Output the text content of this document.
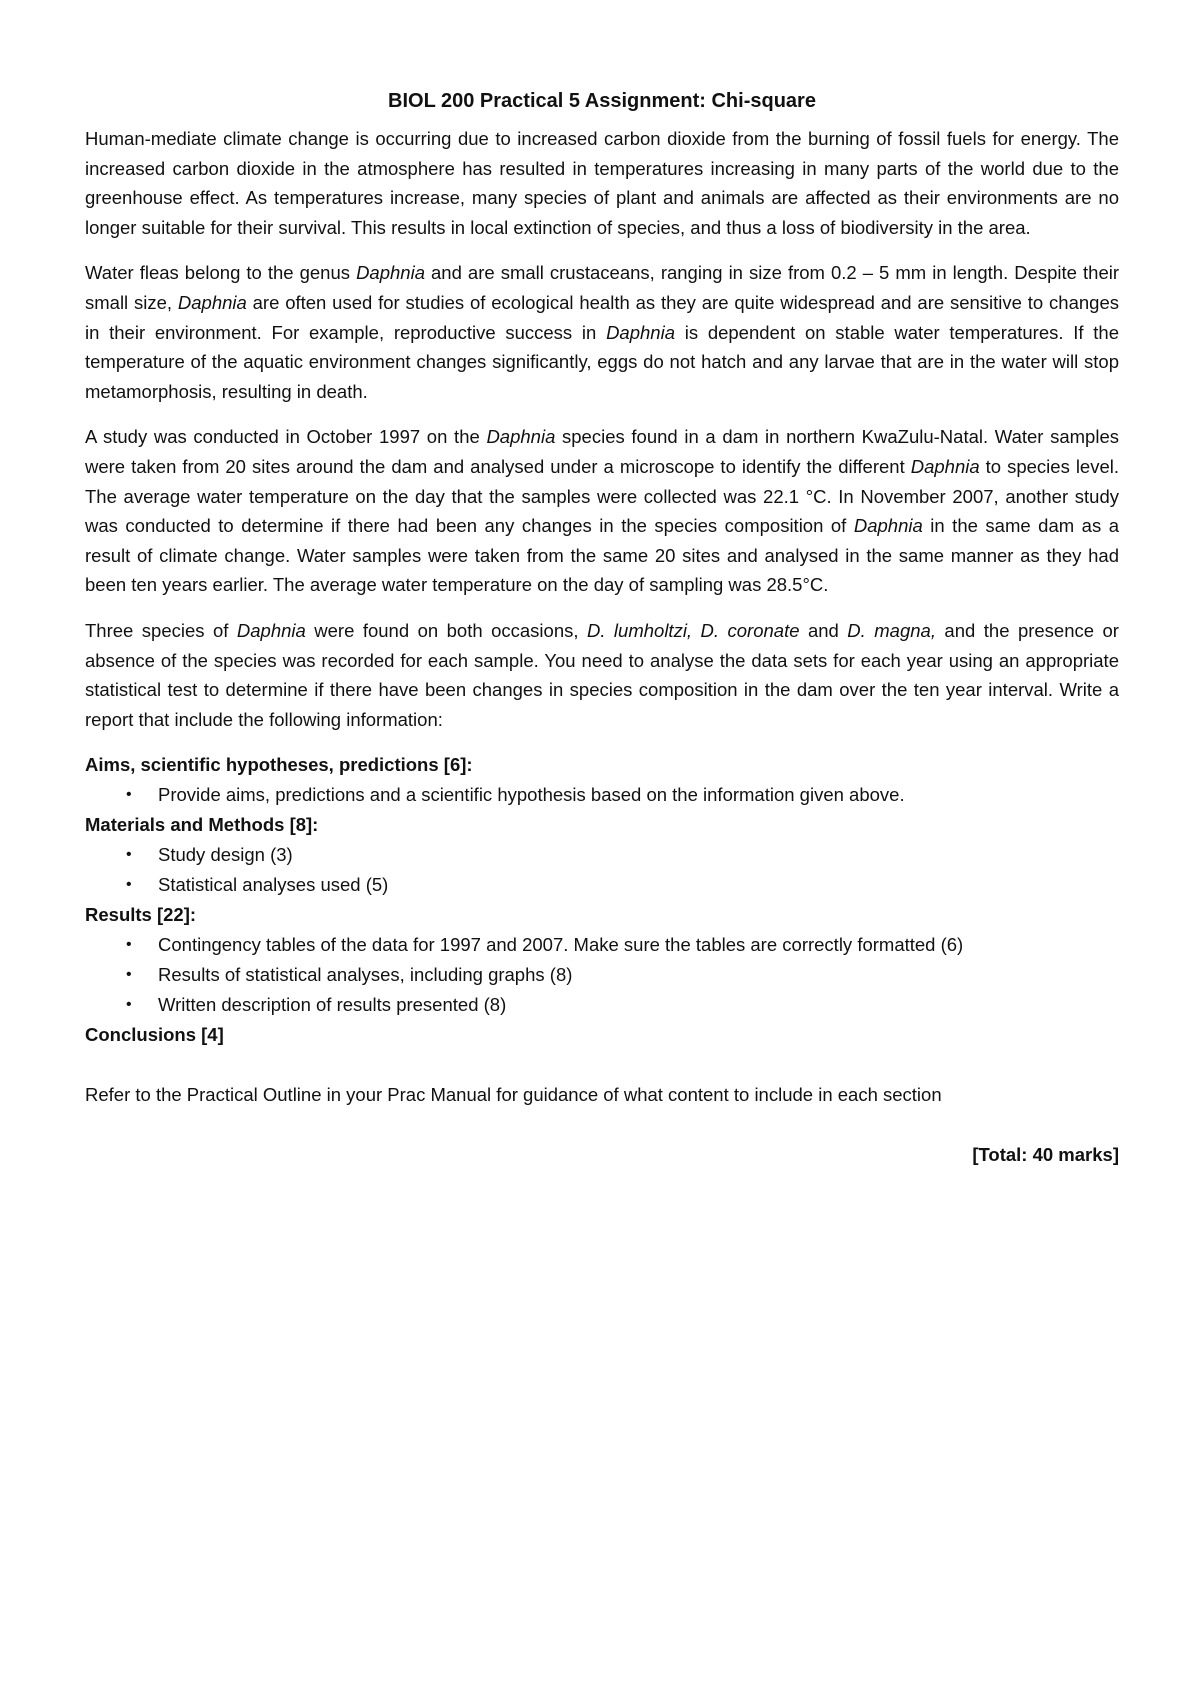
BIOL 200 Practical 5 Assignment: Chi-square

Human-mediate climate change is occurring due to increased carbon dioxide from the burning of fossil fuels for energy. The increased carbon dioxide in the atmosphere has resulted in temperatures increasing in many parts of the world due to the greenhouse effect. As temperatures increase, many species of plant and animals are affected as their environments are no longer suitable for their survival. This results in local extinction of species, and thus a loss of biodiversity in the area.

Water fleas belong to the genus Daphnia and are small crustaceans, ranging in size from 0.2 – 5 mm in length. Despite their small size, Daphnia are often used for studies of ecological health as they are quite widespread and are sensitive to changes in their environment. For example, reproductive success in Daphnia is dependent on stable water temperatures. If the temperature of the aquatic environment changes significantly, eggs do not hatch and any larvae that are in the water will stop metamorphosis, resulting in death.

A study was conducted in October 1997 on the Daphnia species found in a dam in northern KwaZulu-Natal. Water samples were taken from 20 sites around the dam and analysed under a microscope to identify the different Daphnia to species level. The average water temperature on the day that the samples were collected was 22.1 °C. In November 2007, another study was conducted to determine if there had been any changes in the species composition of Daphnia in the same dam as a result of climate change. Water samples were taken from the same 20 sites and analysed in the same manner as they had been ten years earlier. The average water temperature on the day of sampling was 28.5°C.

Three species of Daphnia were found on both occasions, D. lumholtzi, D. coronate and D. magna, and the presence or absence of the species was recorded for each sample. You need to analyse the data sets for each year using an appropriate statistical test to determine if there have been changes in species composition in the dam over the ten year interval. Write a report that include the following information:

Aims, scientific hypotheses, predictions [6]:

• Provide aims, predictions and a scientific hypothesis based on the information given above.

Materials and Methods [8]:

• Study design (3)
• Statistical analyses used (5)

Results [22]:

• Contingency tables of the data for 1997 and 2007. Make sure the tables are correctly formatted (6)
• Results of statistical analyses, including graphs (8)
• Written description of results presented (8)

Conclusions [4]

Refer to the Practical Outline in your Prac Manual for guidance of what content to include in each section

[Total: 40 marks]
